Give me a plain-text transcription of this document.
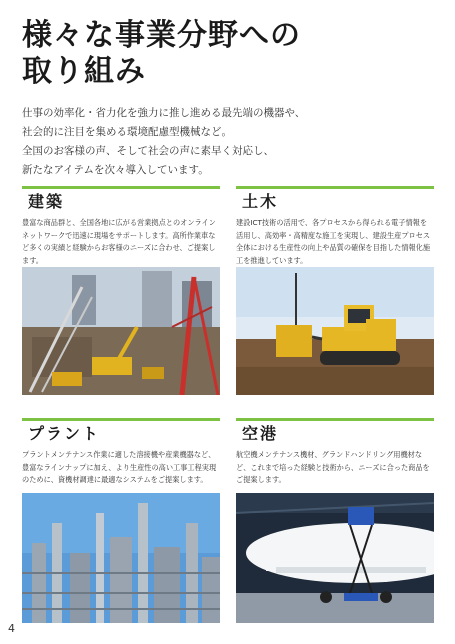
様々な事業分野への
取り組み

仕事の効率化・省力化を強力に推し進める最先端の機器や、

社会的に注目を集める環境配慮型機械など。

全国のお客様の声、そして社会の声に素早く対応し、

新たなアイテムを次々導入しています。

建築

豊富な商品群と、全国各地に広がる営業拠点とのオンラインネットワークで迅速に現場をサポートします。高所作業車など多くの実績と経験からお客様のニーズに合わせ、ご提案します。

土木

建設ICT技術の活用で、各プロセスから得られる電子情報を活用し、高効率・高精度な施工を実現し、建設生産プロセス全体における生産性の向上や品質の確保を目指した情報化施工を推進しています。

プラント

プラントメンテナンス作業に適した溶接機や産業機器など、豊富なラインナップに加え、より生産性の高い工事工程実現のために、資機材調達に最適なシステムをご提案します。

空港

航空機メンテナンス機材、グランドハンドリング用機材など、これまで培った経験と技術から、ニーズに合った商品をご提案します。

4
